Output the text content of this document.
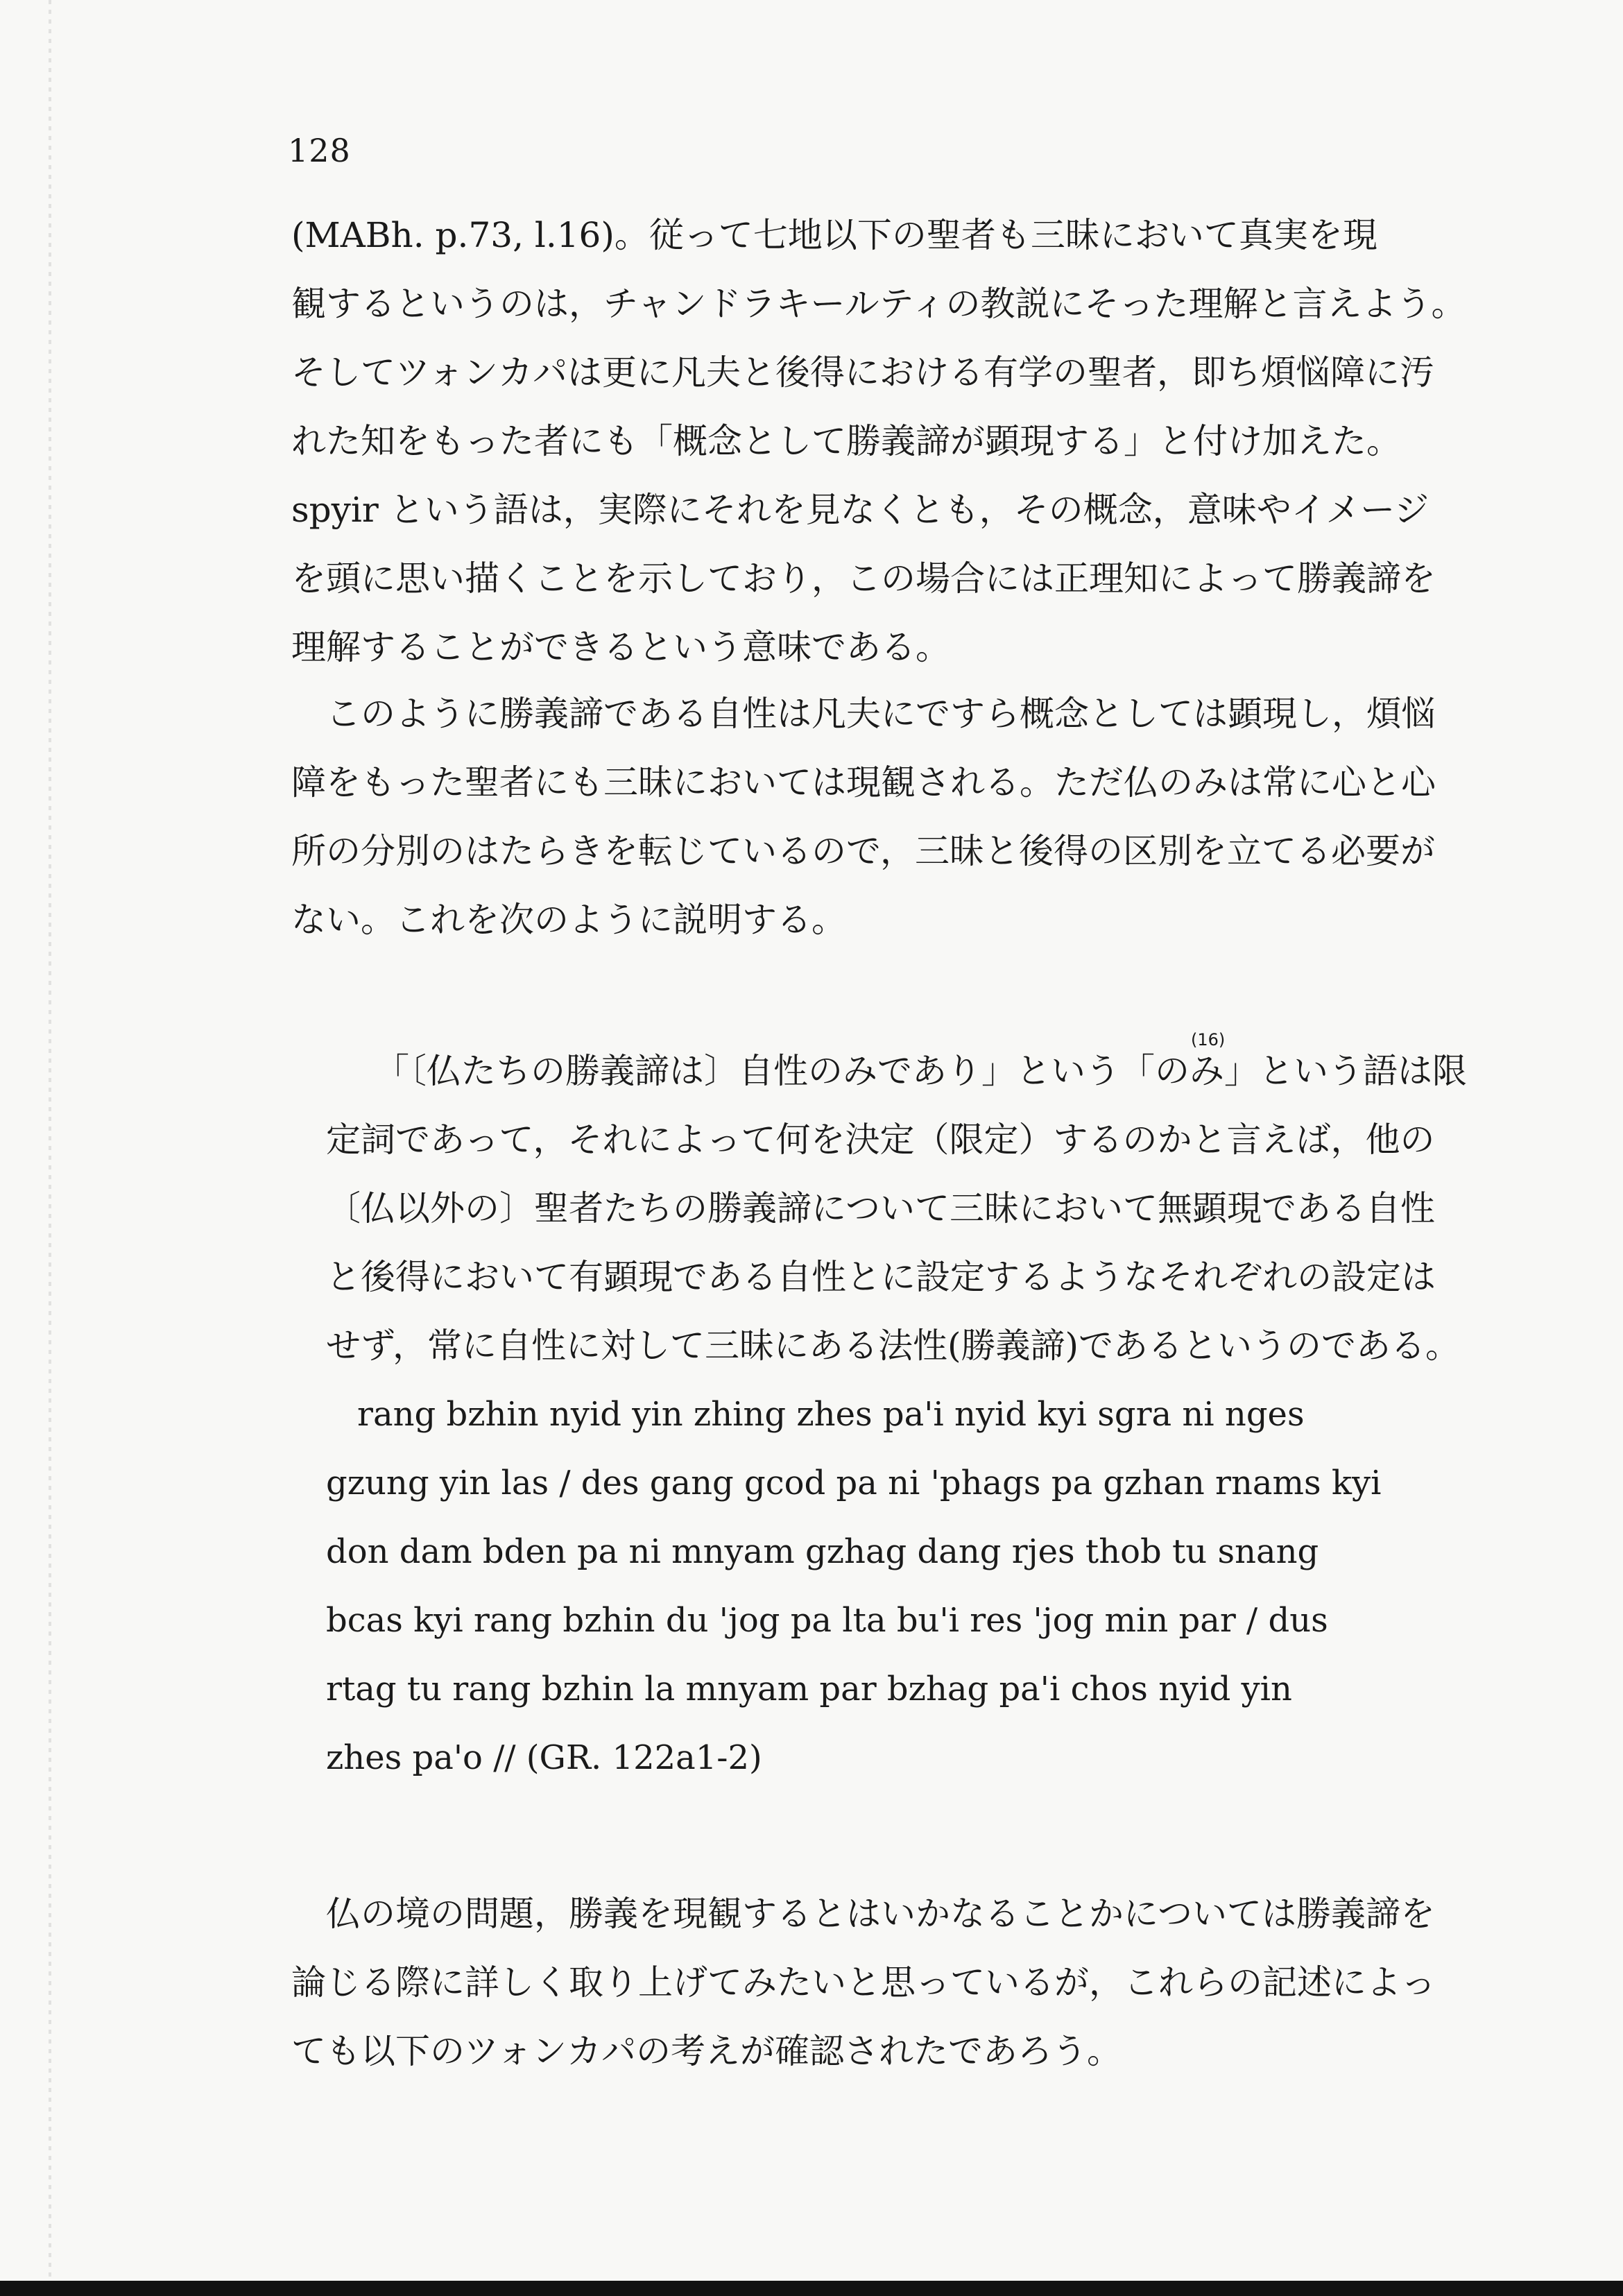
128

(MABh. p.73, l.16)。従って七地以下の聖者も三昧において真実を現
観するというのは，チャンドラキールティの教説にそった理解と言えよう。
そしてツォンカパは更に凡夫と後得における有学の聖者，即ち煩悩障に汚
れた知をもった者にも「概念として勝義諦が顕現する」と付け加えた。
spyir という語は，実際にそれを見なくとも，その概念，意味やイメージ
を頭に思い描くことを示しており，この場合には正理知によって勝義諦を
理解することができるという意味である。

このように勝義諦である自性は凡夫にですら概念としては顕現し，煩悩
障をもった聖者にも三昧においては現観される。ただ仏のみは常に心と心
所の分別のはたらきを転じているので，三昧と後得の区別を立てる必要が
ない。これを次のように説明する。

(16)

「〔仏たちの勝義諦は〕自性のみであり」という「のみ」という語は限
定詞であって，それによって何を決定（限定）するのかと言えば，他の
〔仏以外の〕聖者たちの勝義諦について三昧において無顕現である自性
と後得において有顕現である自性とに設定するようなそれぞれの設定は
せず，常に自性に対して三昧にある法性(勝義諦)であるというのである。

rang bzhin nyid yin zhing zhes pa'i nyid kyi sgra ni nges
gzung yin las / des gang gcod pa ni 'phags pa gzhan rnams kyi
don dam bden pa ni mnyam gzhag dang rjes thob tu snang
bcas kyi rang bzhin du 'jog pa lta bu'i res 'jog min par / dus
rtag tu rang bzhin la mnyam par bzhag pa'i chos nyid yin
zhes pa'o // (GR. 122a1-2)

仏の境の問題，勝義を現観するとはいかなることかについては勝義諦を
論じる際に詳しく取り上げてみたいと思っているが，これらの記述によっ
ても以下のツォンカパの考えが確認されたであろう。
